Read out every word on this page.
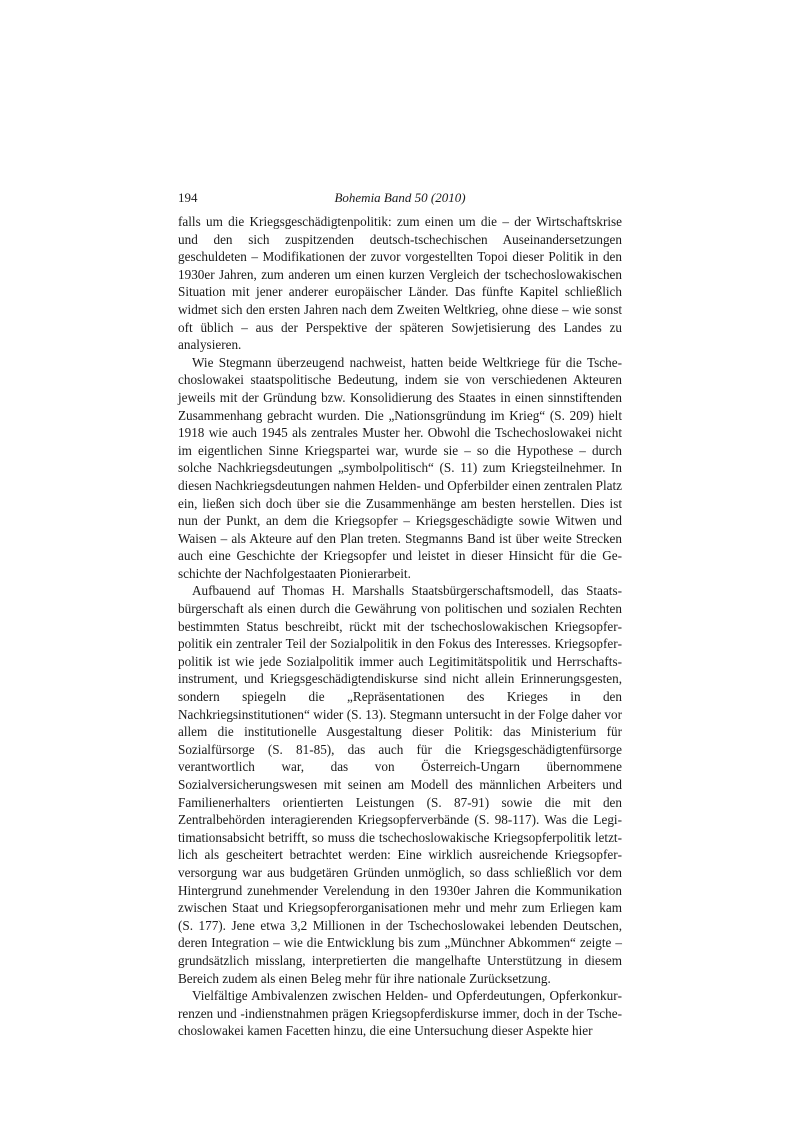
194	Bohemia Band 50 (2010)

falls um die Kriegsgeschädigtenpolitik: zum einen um die – der Wirtschaftskrise und den sich zuspitzenden deutsch-tschechischen Auseinandersetzungen geschuldeten – Modifikationen der zuvor vorgestellten Topoi dieser Politik in den 1930er Jahren, zum anderen um einen kurzen Vergleich der tschechoslowakischen Situation mit jener anderer europäischer Länder. Das fünfte Kapitel schließlich widmet sich den ersten Jahren nach dem Zweiten Weltkrieg, ohne diese – wie sonst oft üblich – aus der Perspektive der späteren Sowjetisierung des Landes zu analysieren.

Wie Stegmann überzeugend nachweist, hatten beide Weltkriege für die Tschechoslowakei staatspolitische Bedeutung, indem sie von verschiedenen Akteuren jeweils mit der Gründung bzw. Konsolidierung des Staates in einen sinnstiftenden Zusammenhang gebracht wurden. Die „Nationsgründung im Krieg“ (S. 209) hielt 1918 wie auch 1945 als zentrales Muster her. Obwohl die Tschechoslowakei nicht im eigentlichen Sinne Kriegspartei war, wurde sie – so die Hypothese – durch solche Nachkriegsdeutungen „symbolpolitisch“ (S. 11) zum Kriegsteilnehmer. In diesen Nachkriegsdeutungen nahmen Helden- und Opferbilder einen zentralen Platz ein, ließen sich doch über sie die Zusammenhänge am besten herstellen. Dies ist nun der Punkt, an dem die Kriegsopfer – Kriegsgeschädigte sowie Witwen und Waisen – als Akteure auf den Plan treten. Stegmanns Band ist über weite Strecken auch eine Geschichte der Kriegsopfer und leistet in dieser Hinsicht für die Geschichte der Nachfolgestaaten Pionierarbeit.

Aufbauend auf Thomas H. Marshalls Staatsbürgerschaftsmodell, das Staatsbürgerschaft als einen durch die Gewährung von politischen und sozialen Rechten bestimmten Status beschreibt, rückt mit der tschechoslowakischen Kriegsopferpolitik ein zentraler Teil der Sozialpolitik in den Fokus des Interesses. Kriegsopferpolitik ist wie jede Sozialpolitik immer auch Legitimitätspolitik und Herrschaftsinstrument, und Kriegsgeschädigtendiskurse sind nicht allein Erinnerungsgesten, sondern spiegeln die „Repräsentationen des Krieges in den Nachkriegsinstitutionen“ wider (S. 13). Stegmann untersucht in der Folge daher vor allem die institutionelle Ausgestaltung dieser Politik: das Ministerium für Sozialfürsorge (S. 81-85), das auch für die Kriegsgeschädigtenfürsorge verantwortlich war, das von Österreich-Ungarn übernommene Sozialversicherungswesen mit seinen am Modell des männlichen Arbeiters und Familienerhalters orientierten Leistungen (S. 87-91) sowie die mit den Zentralbehörden interagierenden Kriegsopferverbände (S. 98-117). Was die Legitimationsabsicht betrifft, so muss die tschechoslowakische Kriegsopferpolitik letztlich als gescheitert betrachtet werden: Eine wirklich ausreichende Kriegsopferversorgung war aus budgetären Gründen unmöglich, so dass schließlich vor dem Hintergrund zunehmender Verelendung in den 1930er Jahren die Kommunikation zwischen Staat und Kriegsopferorganisationen mehr und mehr zum Erliegen kam (S. 177). Jene etwa 3,2 Millionen in der Tschechoslowakei lebenden Deutschen, deren Integration – wie die Entwicklung bis zum „Münchner Abkommen“ zeigte – grundsätzlich misslang, interpretierten die mangelhafte Unterstützung in diesem Bereich zudem als einen Beleg mehr für ihre nationale Zurücksetzung.

Vielfältige Ambivalenzen zwischen Helden- und Opferdeutungen, Opferkonkurrenzen und -indienstnahmen prägen Kriegsopferdiskurse immer, doch in der Tschechoslowakei kamen Facetten hinzu, die eine Untersuchung dieser Aspekte hier
